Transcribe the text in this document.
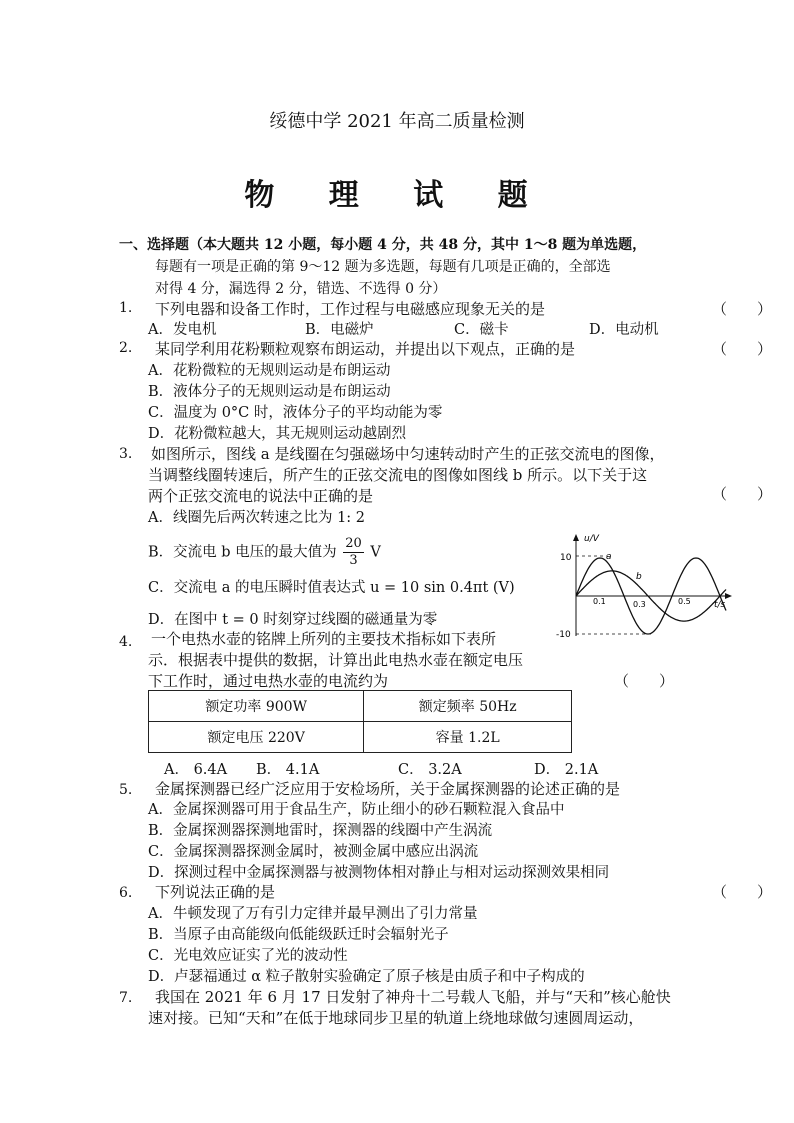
绥德中学 2021 年高二质量检测
物 理 试 题
一、选择题（本大题共 12 小题，每小题 4 分，共 48 分，其中 1～8 题为单选题，
每题有一项是正确的第 9～12 题为多选题，每题有几项是正确的，全部选
对得 4 分，漏选得 2 分，错选、不选得 0 分）
1. 下列电器和设备工作时，工作过程与电磁感应现象无关的是	（　　）
A．发电机	B．电磁炉	C．磁卡	D．电动机
2. 某同学利用花粉颗粒观察布朗运动，并提出以下观点，正确的是	（　　）
A．花粉微粒的无规则运动是布朗运动
B．液体分子的无规则运动是布朗运动
C．温度为 0°C 时，液体分子的平均动能为零
D．花粉微粒越大，其无规则运动越剧烈
3. 如图所示，图线 a 是线圈在匀强磁场中匀速转动时产生的正弦交流电的图像，
当调整线圈转速后，所产生的正弦交流电的图像如图线 b 所示。以下关于这
两个正弦交流电的说法中正确的是	（　　）
A．线圈先后两次转速之比为 1: 2
B．交流电 b 电压的最大值为 $\frac{20}{3}$ V
C．交流电 a 的电压瞬时值表达式 u = 10 sin 0.4πt (V)
D．在图中 t = 0 时刻穿过线圈的磁通量为零
u/V
t/s
10
-10
0.1	0.3	0.5
a
b
4. 一个电热水壶的铭牌上所列的主要技术指标如下表所
示．根据表中提供的数据，计算出此电热水壶在额定电压
下工作时，通过电热水壶的电流约为	（　　）
额定功率 900W	额定频率 50Hz
额定电压 220V	容量 1.2L
A． 6.4A B． 4.1A	C． 3.2A	D． 2.1A
5. 金属探测器已经广泛应用于安检场所，关于金属探测器的论述正确的是
A．金属探测器可用于食品生产，防止细小的砂石颗粒混入食品中
B．金属探测器探测地雷时，探测器的线圈中产生涡流
C．金属探测器探测金属时，被测金属中感应出涡流
D．探测过程中金属探测器与被测物体相对静止与相对运动探测效果相同
6. 下列说法正确的是	（　　）
A．牛顿发现了万有引力定律并最早测出了引力常量
B．当原子由高能级向低能级跃迁时会辐射光子
C．光电效应证实了光的波动性
D．卢瑟福通过 α 粒子散射实验确定了原子核是由质子和中子构成的
7. 我国在 2021 年 6 月 17 日发射了神舟十二号载人飞船，并与“天和”核心舱快
速对接。已知“天和”在低于地球同步卫星的轨道上绕地球做匀速圆周运动，
